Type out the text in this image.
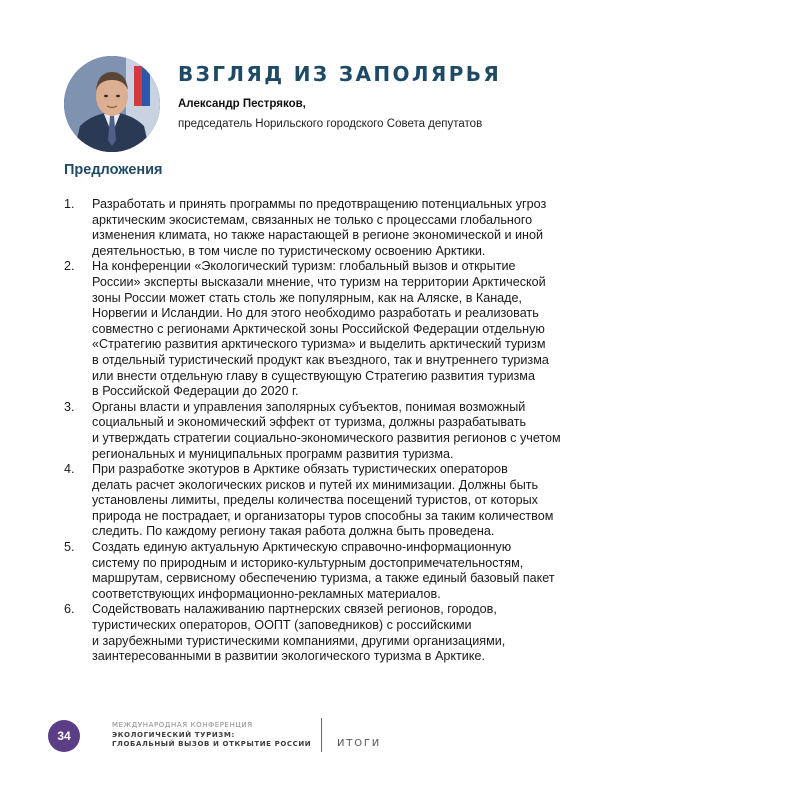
ВЗГЛЯД ИЗ ЗАПОЛЯРЬЯ
Александр Пестряков,
председатель Норильского городского Совета депутатов
Предложения
1. Разработать и принять программы по предотвращению потенциальных угроз
арктическим экосистемам, связанных не только с процессами глобального
изменения климата, но также нарастающей в регионе экономической и иной
деятельностью, в том числе по туристическому освоению Арктики.
2. На конференции «Экологический туризм: глобальный вызов и открытие
России» эксперты высказали мнение, что туризм на территории Арктической
зоны России может стать столь же популярным, как на Аляске, в Канаде,
Норвегии и Исландии. Но для этого необходимо разработать и реализовать
совместно с регионами Арктической зоны Российской Федерации отдельную
«Стратегию развития арктического туризма» и выделить арктический туризм
в отдельный туристический продукт как въездного, так и внутреннего туризма
или внести отдельную главу в существующую Стратегию развития туризма
в Российской Федерации до 2020 г.
3. Органы власти и управления заполярных субъектов, понимая возможный
социальный и экономический эффект от туризма, должны разрабатывать
и утверждать стратегии социально-экономического развития регионов с учетом
региональных и муниципальных программ развития туризма.
4. При разработке экотуров в Арктике обязать туристических операторов
делать расчет экологических рисков и путей их минимизации. Должны быть
установлены лимиты, пределы количества посещений туристов, от которых
природа не пострадает, и организаторы туров способны за таким количеством
следить. По каждому региону такая работа должна быть проведена.
5. Создать единую актуальную Арктическую справочно-информационную
систему по природным и историко-культурным достопримечательностям,
маршрутам, сервисному обеспечению туризма, а также единый базовый пакет
соответствующих информационно-рекламных материалов.
6. Содействовать налаживанию партнерских связей регионов, городов,
туристических операторов, ООПТ (заповедников) с российскими
и зарубежными туристическими компаниями, другими организациями,
заинтересованными в развитии экологического туризма в Арктике.
34
МЕЖДУНАРОДНАЯ КОНФЕРЕНЦИЯ
ЭКОЛОГИЧЕСКИЙ ТУРИЗМ:
ГЛОБАЛЬНЫЙ ВЫЗОВ И ОТКРЫТИЕ РОССИИ	ИТОГИ
